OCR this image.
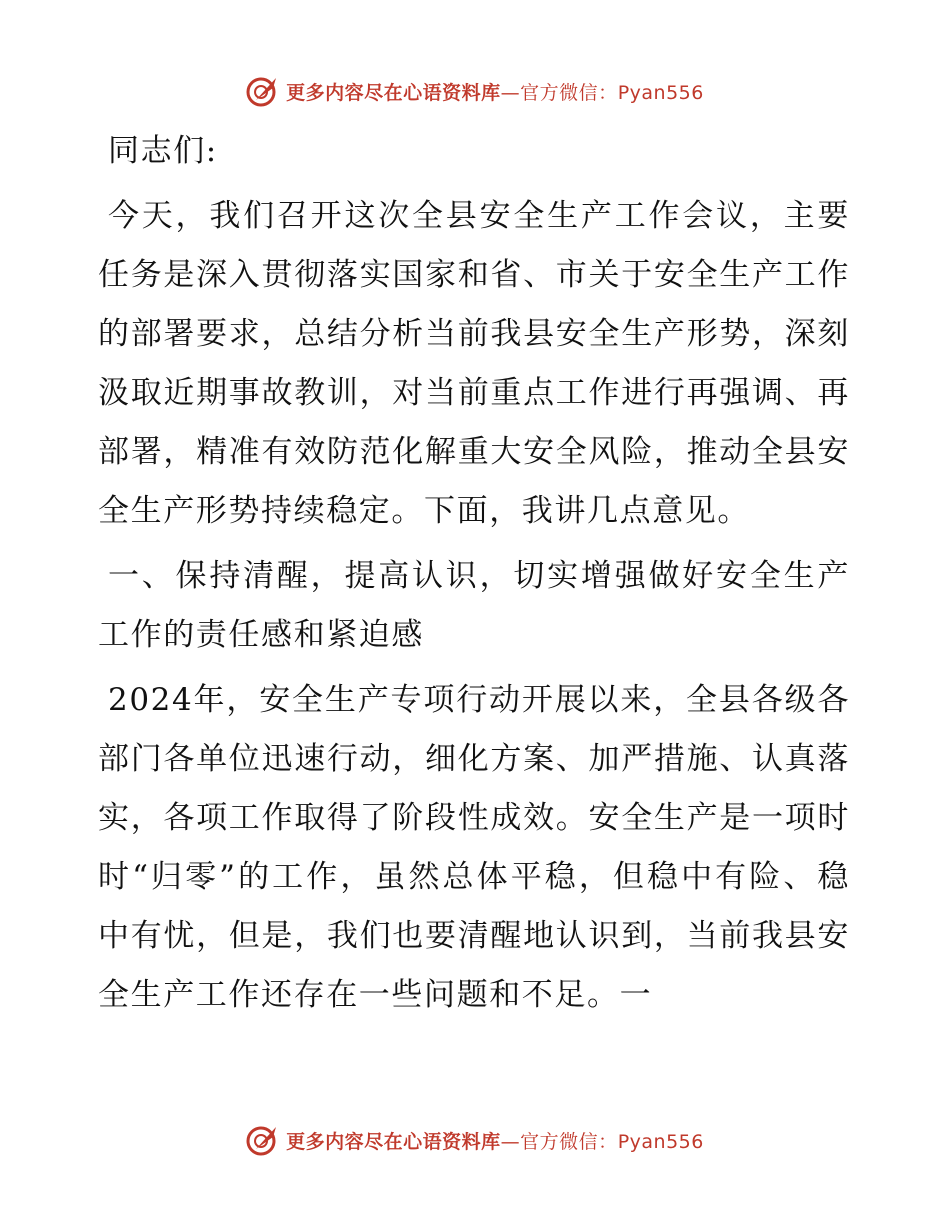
更多内容尽在心语资料库—官方微信：Pyan556

同志们:

今天，我们召开这次全县安全生产工作会议，主要任务是深入贯彻落实国家和省、市关于安全生产工作的部署要求，总结分析当前我县安全生产形势，深刻汲取近期事故教训，对当前重点工作进行再强调、再部署，精准有效防范化解重大安全风险，推动全县安全生产形势持续稳定。下面，我讲几点意见。

一、保持清醒，提高认识，切实增强做好安全生产工作的责任感和紧迫感

2024年，安全生产专项行动开展以来，全县各级各部门各单位迅速行动，细化方案、加严措施、认真落实，各项工作取得了阶段性成效。安全生产是一项时时“归零”的工作，虽然总体平稳，但稳中有险、稳中有忧，但是，我们也要清醒地认识到，当前我县安全生产工作还存在一些问题和不足。一

更多内容尽在心语资料库—官方微信：Pyan556
